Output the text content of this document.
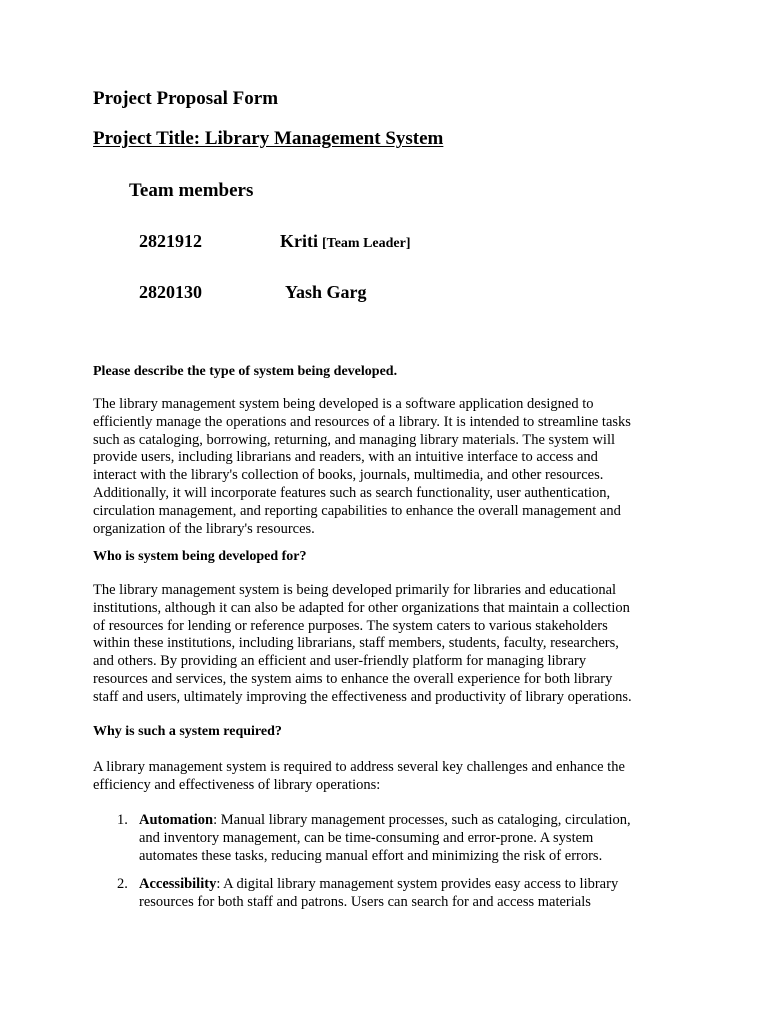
Project Proposal Form
Project Title: Library Management System
Team members
2821912	Kriti [Team Leader]
2820130	Yash Garg
Please describe the type of system being developed.
The library management system being developed is a software application designed to
efficiently manage the operations and resources of a library. It is intended to streamline tasks
such as cataloging, borrowing, returning, and managing library materials. The system will
provide users, including librarians and readers, with an intuitive interface to access and
interact with the library's collection of books, journals, multimedia, and other resources.
Additionally, it will incorporate features such as search functionality, user authentication,
circulation management, and reporting capabilities to enhance the overall management and
organization of the library's resources.
Who is system being developed for?
The library management system is being developed primarily for libraries and educational
institutions, although it can also be adapted for other organizations that maintain a collection
of resources for lending or reference purposes. The system caters to various stakeholders
within these institutions, including librarians, staff members, students, faculty, researchers,
and others. By providing an efficient and user-friendly platform for managing library
resources and services, the system aims to enhance the overall experience for both library
staff and users, ultimately improving the effectiveness and productivity of library operations.
Why is such a system required?
A library management system is required to address several key challenges and enhance the
efficiency and effectiveness of library operations:
1. Automation: Manual library management processes, such as cataloging, circulation,
and inventory management, can be time-consuming and error-prone. A system
automates these tasks, reducing manual effort and minimizing the risk of errors.
2. Accessibility: A digital library management system provides easy access to library
resources for both staff and patrons. Users can search for and access materials
